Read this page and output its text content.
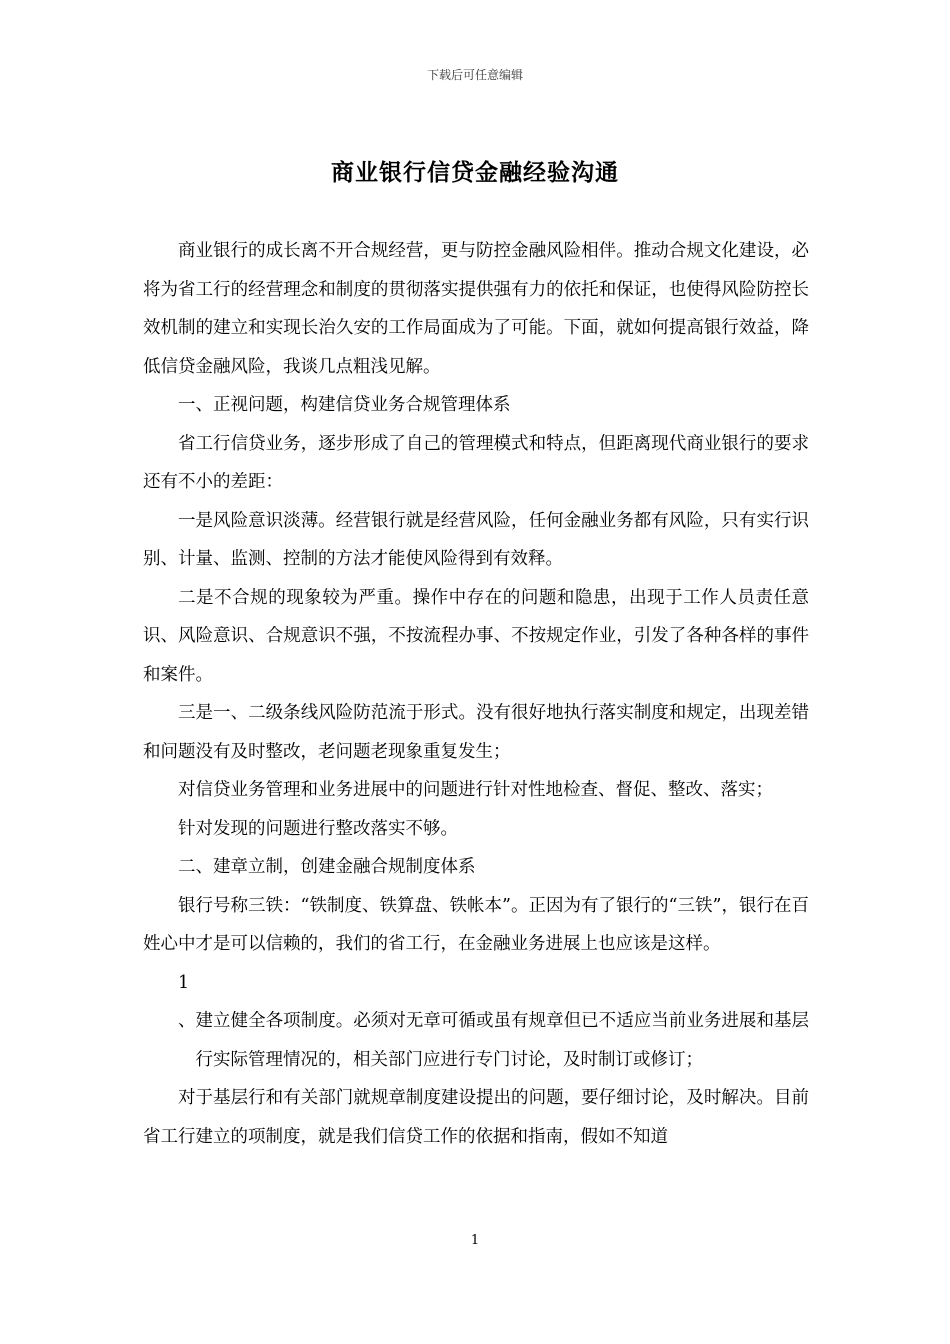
下载后可任意编辑
商业银行信贷金融经验沟通

商业银行的成长离不开合规经营，更与防控金融风险相伴。推动合规文化建设，必将为省工行的经营理念和制度的贯彻落实提供强有力的依托和保证，也使得风险防控长效机制的建立和实现长治久安的工作局面成为了可能。下面，就如何提高银行效益，降低信贷金融风险，我谈几点粗浅见解。

一、正视问题，构建信贷业务合规管理体系

省工行信贷业务，逐步形成了自己的管理模式和特点，但距离现代商业银行的要求还有不小的差距：

一是风险意识淡薄。经营银行就是经营风险，任何金融业务都有风险，只有实行识别、计量、监测、控制的方法才能使风险得到有效释。

二是不合规的现象较为严重。操作中存在的问题和隐患，出现于工作人员责任意识、风险意识、合规意识不强，不按流程办事、不按规定作业，引发了各种各样的事件和案件。

三是一、二级条线风险防范流于形式。没有很好地执行落实制度和规定，出现差错和问题没有及时整改，老问题老现象重复发生；

对信贷业务管理和业务进展中的问题进行针对性地检查、督促、整改、落实；

针对发现的问题进行整改落实不够。

二、建章立制，创建金融合规制度体系

银行号称三铁：“铁制度、铁算盘、铁帐本”。正因为有了银行的“三铁”，银行在百姓心中才是可以信赖的，我们的省工行，在金融业务进展上也应该是这样。

1

、建立健全各项制度。必须对无章可循或虽有规章但已不适应当前业务进展和基层行实际管理情况的，相关部门应进行专门讨论，及时制订或修订；

对于基层行和有关部门就规章制度建设提出的问题，要仔细讨论，及时解决。目前省工行建立的项制度，就是我们信贷工作的依据和指南，假如不知道

1
